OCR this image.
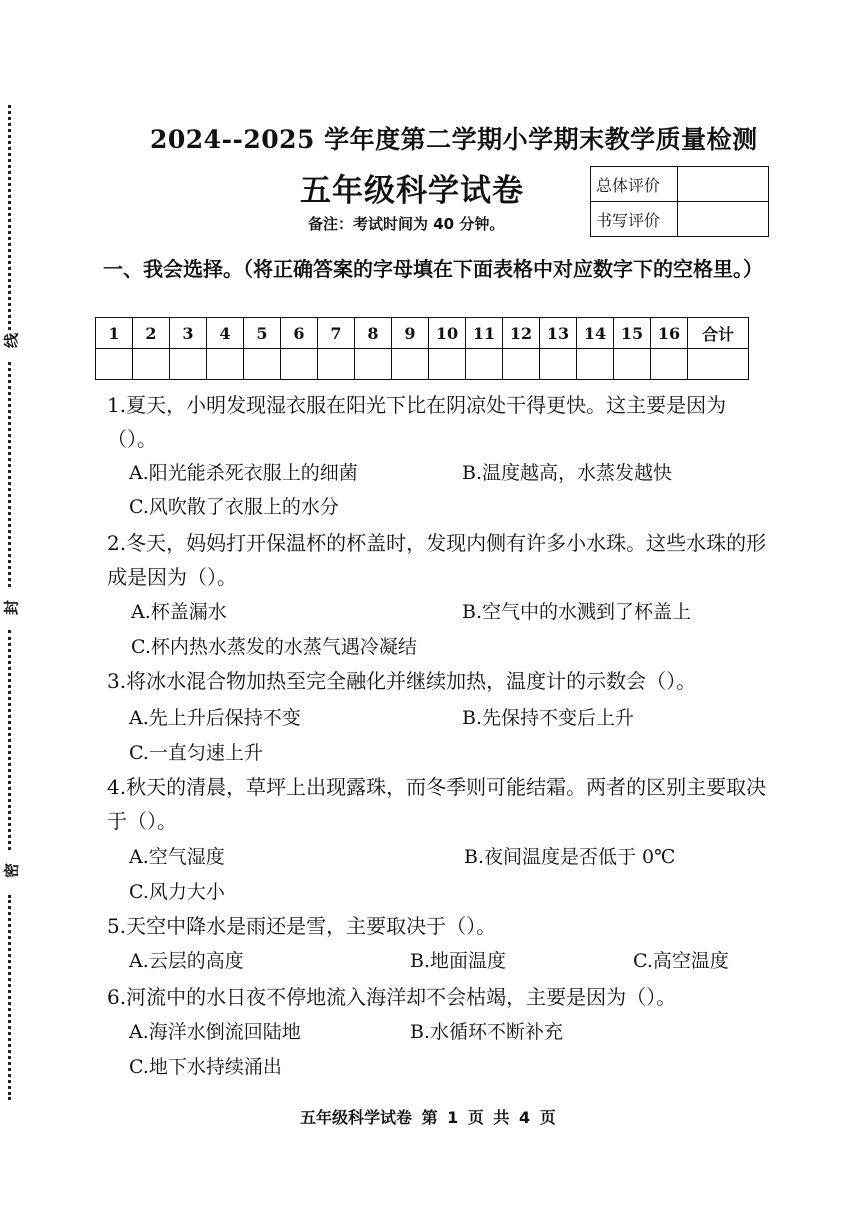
线
封
密
2024--2025 学年度第二学期小学期末教学质量检测
五年级科学试卷
备注：考试时间为 40 分钟。
总体评价	
书写评价	
一、我会选择。（将正确答案的字母填在下面表格中对应数字下的空格里。）
1	2	3	4	5	6	7	8	9	10	11	12	13	14	15	16	合计

1.夏天，小明发现湿衣服在阳光下比在阴凉处干得更快。这主要是因为（）。
A.阳光能杀死衣服上的细菌	B.温度越高，水蒸发越快
C.风吹散了衣服上的水分
2.冬天，妈妈打开保温杯的杯盖时，发现内侧有许多小水珠。这些水珠的形成是因为（）。
A.杯盖漏水	B.空气中的水溅到了杯盖上
C.杯内热水蒸发的水蒸气遇冷凝结
3.将冰水混合物加热至完全融化并继续加热，温度计的示数会（）。
A.先上升后保持不变	B.先保持不变后上升
C.一直匀速上升
4.秋天的清晨，草坪上出现露珠，而冬季则可能结霜。两者的区别主要取决于（）。
A.空气湿度	B.夜间温度是否低于 0℃
C.风力大小
5.天空中降水是雨还是雪，主要取决于（）。
A.云层的高度	B.地面温度	C.高空温度
6.河流中的水日夜不停地流入海洋却不会枯竭，主要是因为（）。
A.海洋水倒流回陆地	B.水循环不断补充
C.地下水持续涌出
五年级科学试卷 第 1 页 共 4 页
